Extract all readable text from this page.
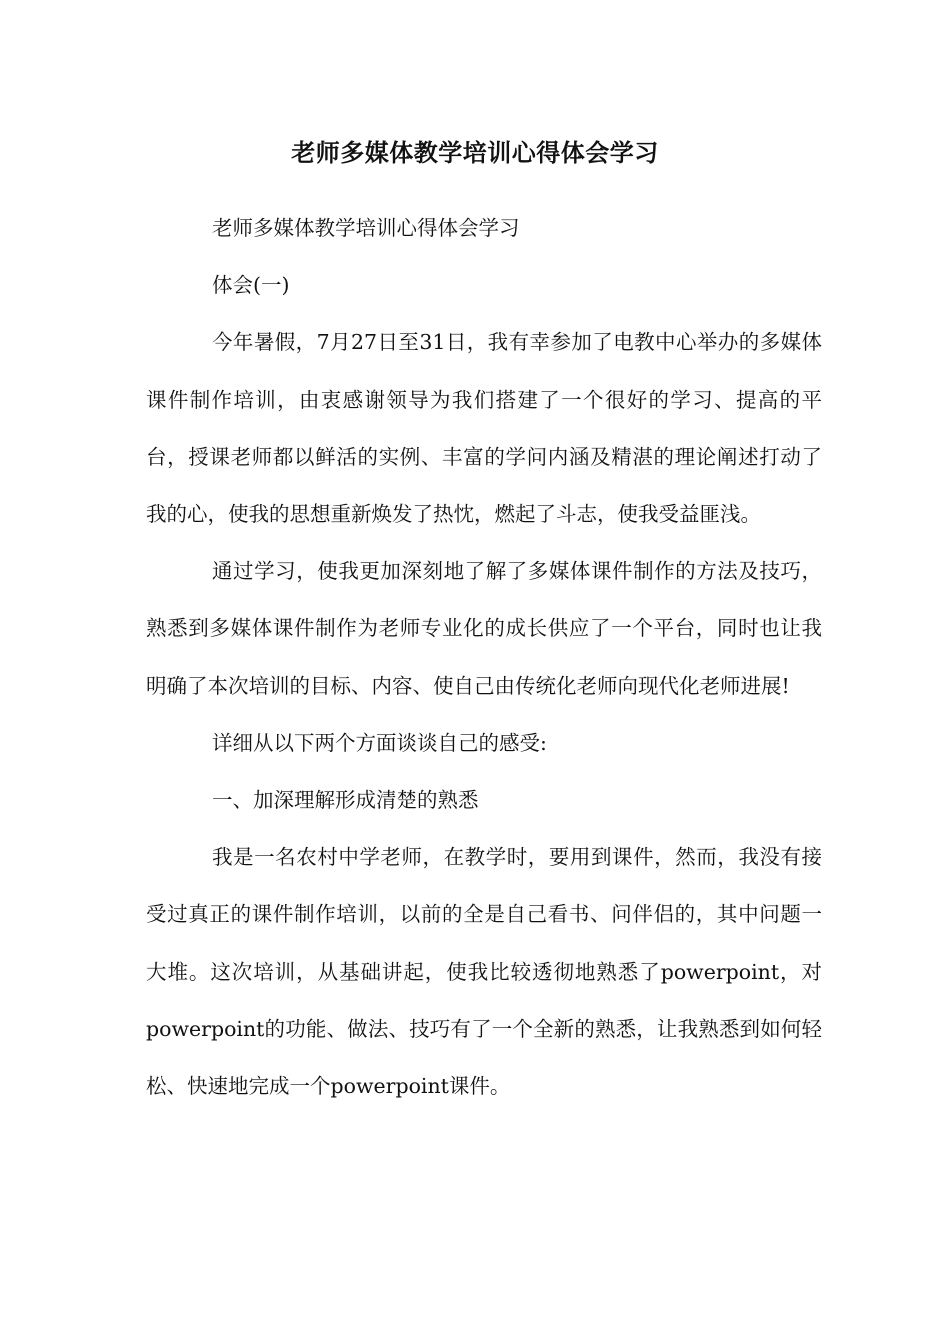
老师多媒体教学培训心得体会学习

老师多媒体教学培训心得体会学习

体会(一)

今年暑假，7月27日至31日，我有幸参加了电教中心举办的多媒体课件制作培训，由衷感谢领导为我们搭建了一个很好的学习、提高的平台，授课老师都以鲜活的实例、丰富的学问内涵及精湛的理论阐述打动了我的心，使我的思想重新焕发了热忱，燃起了斗志，使我受益匪浅。

通过学习，使我更加深刻地了解了多媒体课件制作的方法及技巧，熟悉到多媒体课件制作为老师专业化的成长供应了一个平台，同时也让我明确了本次培训的目标、内容、使自己由传统化老师向现代化老师进展!

详细从以下两个方面谈谈自己的感受:

一、加深理解形成清楚的熟悉

我是一名农村中学老师，在教学时，要用到课件，然而，我没有接受过真正的课件制作培训，以前的全是自己看书、问伴侣的，其中问题一大堆。这次培训，从基础讲起，使我比较透彻地熟悉了powerpoint，对powerpoint的功能、做法、技巧有了一个全新的熟悉，让我熟悉到如何轻松、快速地完成一个powerpoint课件。
